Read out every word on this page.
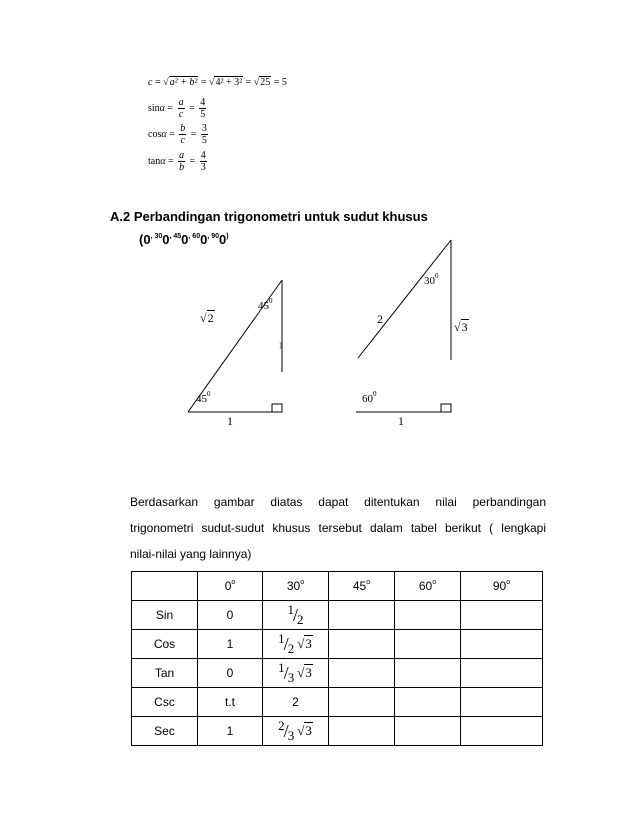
c = √a² + b² = √4² + 3² = √25 = 5
$\sin\alpha = \frac{a}{c} = \frac{4}{5}$
$\cos\alpha = \frac{b}{c} = \frac{3}{5}$
$\tan\alpha = \frac{a}{b} = \frac{4}{3}$
A.2 Perbandingan trigonometri untuk sudut khusus
($0^{, 30}0^{, 45}0^{, 60}0^{, 90}0^)$
√2
$45^0$
1
$45^0$
1
$30^0$
2
√3
$60^0$
1
Berdasarkan gambar diatas dapat ditentukan nilai perbandingan
trigonometri sudut-sudut khusus tersebut dalam tabel berikut ( lengkapi
nilai-nilai yang lainnya)
	0$^o$	30$^o$	45$^o$	60$^o$	90$^o$
Sin	0	1 / 2			

Cos	1	1 / 2 √3			

Tan	0	1 / 3 √3			

Csc	t.t	2			
Sec	1	2 / 3 √3			
